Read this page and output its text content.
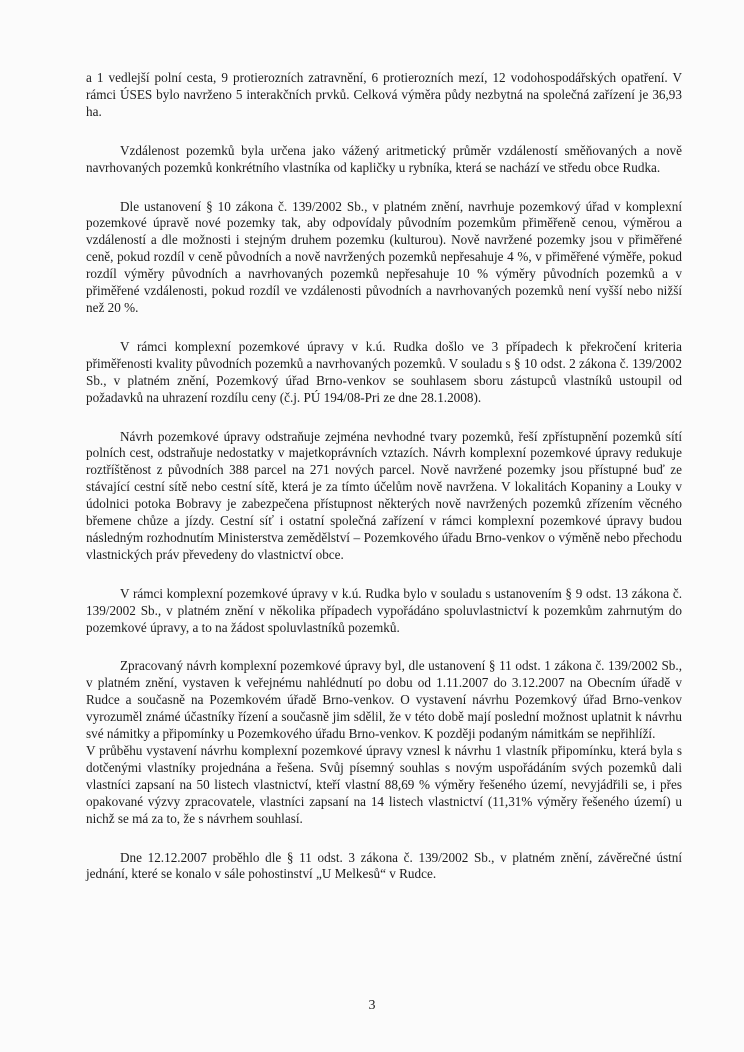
a 1 vedlejší polní cesta, 9 protierozních zatravnění, 6 protierozních mezí, 12 vodohospodářských opatření. V rámci ÚSES bylo navrženo 5 interakčních prvků. Celková výměra půdy nezbytná na společná zařízení je 36,93 ha.

Vzdálenost pozemků byla určena jako vážený aritmetický průměr vzdáleností směňovaných a nově navrhovaných pozemků konkrétního vlastníka od kapličky u rybníka, která se nachází ve středu obce Rudka.

Dle ustanovení § 10 zákona č. 139/2002 Sb., v platném znění, navrhuje pozemkový úřad v komplexní pozemkové úpravě nové pozemky tak, aby odpovídaly původním pozemkům přiměřeně cenou, výměrou a vzdáleností a dle možnosti i stejným druhem pozemku (kulturou). Nově navržené pozemky jsou v přiměřené ceně, pokud rozdíl v ceně původních a nově navržených pozemků nepřesahuje 4 %, v přiměřené výměře, pokud rozdíl výměry původních a navrhovaných pozemků nepřesahuje 10 % výměry původních pozemků a v přiměřené vzdálenosti, pokud rozdíl ve vzdálenosti původních a navrhovaných pozemků není vyšší nebo nižší než 20 %.

V rámci komplexní pozemkové úpravy v k.ú. Rudka došlo ve 3 případech k překročení kriteria přiměřenosti kvality původních pozemků a navrhovaných pozemků. V souladu s § 10 odst. 2 zákona č. 139/2002 Sb., v platném znění, Pozemkový úřad Brno-venkov se souhlasem sboru zástupců vlastníků ustoupil od požadavků na uhrazení rozdílu ceny (č.j. PÚ 194/08-Pri ze dne 28.1.2008).

Návrh pozemkové úpravy odstraňuje zejména nevhodné tvary pozemků, řeší zpřístupnění pozemků sítí polních cest, odstraňuje nedostatky v majetkoprávních vztazích. Návrh komplexní pozemkové úpravy redukuje roztříštěnost z původních 388 parcel na 271 nových parcel. Nově navržené pozemky jsou přístupné buď ze stávající cestní sítě nebo cestní sítě, která je za tímto účelům nově navržena. V lokalitách Kopaniny a Louky v údolnici potoka Bobravy je zabezpečena přístupnost některých nově navržených pozemků zřízením věcného břemene chůze a jízdy. Cestní síť i ostatní společná zařízení v rámci komplexní pozemkové úpravy budou následným rozhodnutím Ministerstva zemědělství – Pozemkového úřadu Brno-venkov o výměně nebo přechodu vlastnických práv převedeny do vlastnictví obce.

V rámci komplexní pozemkové úpravy v k.ú. Rudka bylo v souladu s ustanovením § 9 odst. 13 zákona č. 139/2002 Sb., v platném znění v několika případech vypořádáno spoluvlastnictví k pozemkům zahrnutým do pozemkové úpravy, a to na žádost spoluvlastníků pozemků.

Zpracovaný návrh komplexní pozemkové úpravy byl, dle ustanovení § 11 odst. 1 zákona č. 139/2002 Sb., v platném znění, vystaven k veřejnému nahlédnutí po dobu od 1.11.2007 do 3.12.2007 na Obecním úřadě v Rudce a současně na Pozemkovém úřadě Brno-venkov. O vystavení návrhu Pozemkový úřad Brno-venkov vyrozuměl známé účastníky řízení a současně jim sdělil, že v této době mají poslední možnost uplatnit k návrhu své námitky a připomínky u Pozemkového úřadu Brno-venkov. K později podaným námitkám se nepřihlíží.

V průběhu vystavení návrhu komplexní pozemkové úpravy vznesl k návrhu 1 vlastník připomínku, která byla s dotčenými vlastníky projednána a řešena. Svůj písemný souhlas s novým uspořádáním svých pozemků dali vlastníci zapsaní na 50 listech vlastnictví, kteří vlastní 88,69 % výměry řešeného území, nevyjádřili se, i přes opakované výzvy zpracovatele, vlastníci zapsaní na 14 listech vlastnictví (11,31% výměry řešeného území) u nichž se má za to, že s návrhem souhlasí.

Dne 12.12.2007 proběhlo dle § 11 odst. 3 zákona č. 139/2002 Sb., v platném znění, závěrečné ústní jednání, které se konalo v sále pohostinství „U Melkesů“ v Rudce.

3
